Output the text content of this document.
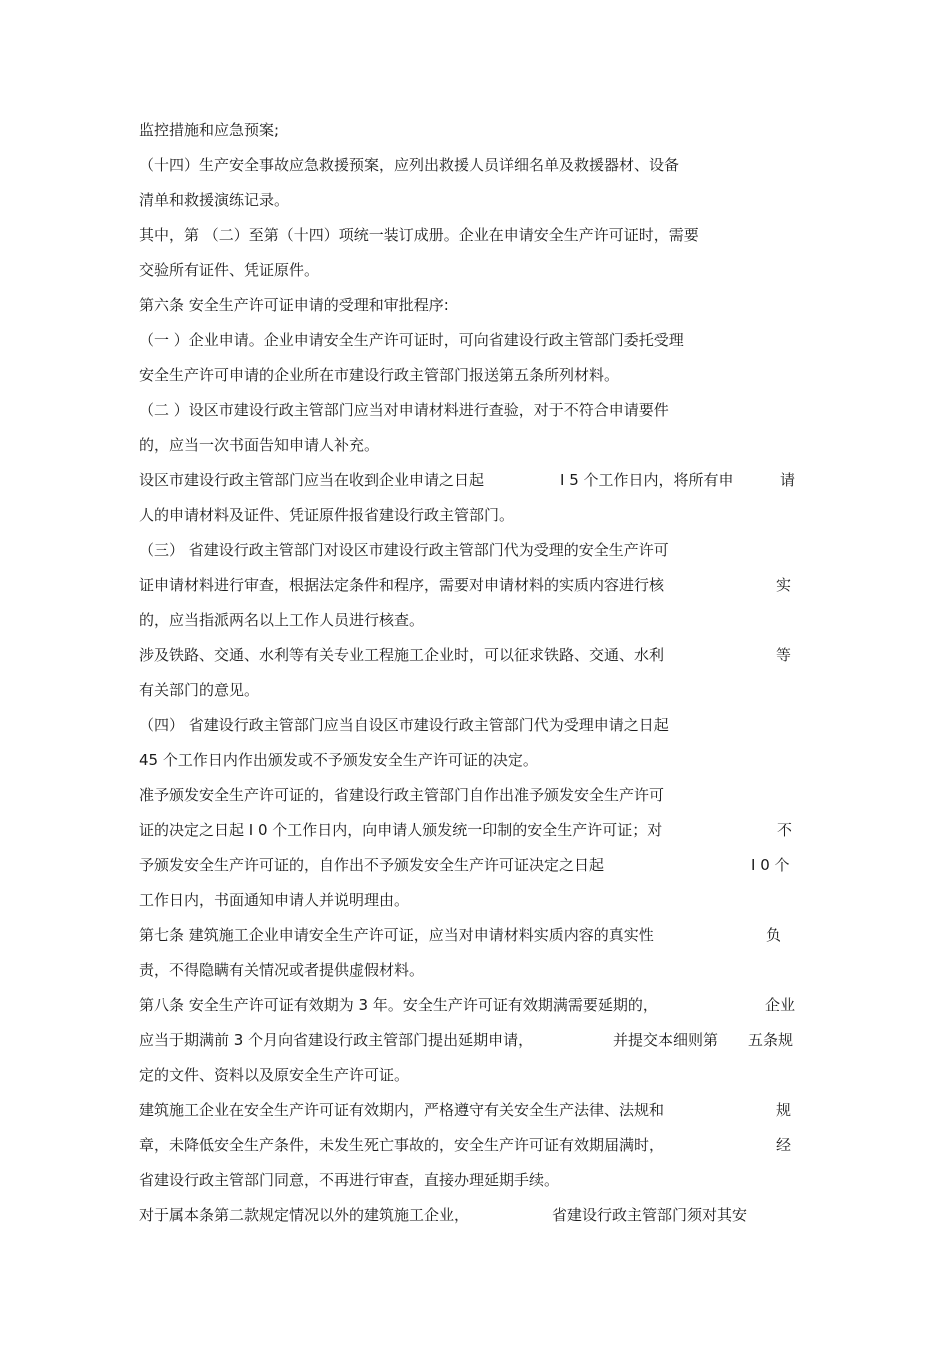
监控措施和应急预案;
（十四）生产安全事故应急救援预案，应列出救援人员详细名单及救援器材、设备
清单和救援演练记录。
其中，第 （二）至第（十四）项统一装订成册。企业在申请安全生产许可证时，需要
交验所有证件、凭证原件。
第六条 安全生产许可证申请的受理和审批程序:
（一 ）企业申请。企业申请安全生产许可证时，可向省建设行政主管部门委托受理
安全生产许可申请的企业所在市建设行政主管部门报送第五条所列材料。
（二 ）设区市建设行政主管部门应当对申请材料进行查验，对于不符合申请要件
的，应当一次书面告知申请人补充。
设区市建设行政主管部门应当在收到企业申请之日起	I 5 个工作日内，将所有申	请
人的申请材料及证件、凭证原件报省建设行政主管部门。
（三） 省建设行政主管部门对设区市建设行政主管部门代为受理的安全生产许可
证申请材料进行审查，根据法定条件和程序，需要对申请材料的实质内容进行核	实
的，应当指派两名以上工作人员进行核查。
涉及铁路、交通、水利等有关专业工程施工企业时，可以征求铁路、交通、水利	等
有关部门的意见。
（四） 省建设行政主管部门应当自设区市建设行政主管部门代为受理申请之日起
45 个工作日内作出颁发或不予颁发安全生产许可证的决定。
准予颁发安全生产许可证的，省建设行政主管部门自作出准予颁发安全生产许可
证的决定之日起 I 0 个工作日内，向申请人颁发统一印制的安全生产许可证；对	不
予颁发安全生产许可证的，自作出不予颁发安全生产许可证决定之日起	I 0 个
工作日内，书面通知申请人并说明理由。
第七条 建筑施工企业申请安全生产许可证，应当对申请材料实质内容的真实性	负
责，不得隐瞒有关情况或者提供虚假材料。
第八条 安全生产许可证有效期为 3 年。安全生产许可证有效期满需要延期的，	企业
应当于期满前 3 个月向省建设行政主管部门提出延期申请，	并提交本细则第 五条规
定的文件、资料以及原安全生产许可证。
建筑施工企业在安全生产许可证有效期内，严格遵守有关安全生产法律、法规和	规
章，未降低安全生产条件，未发生死亡事故的，安全生产许可证有效期届满时，	经
省建设行政主管部门同意，不再进行审查，直接办理延期手续。
对于属本条第二款规定情况以外的建筑施工企业，	省建设行政主管部门须对其安
